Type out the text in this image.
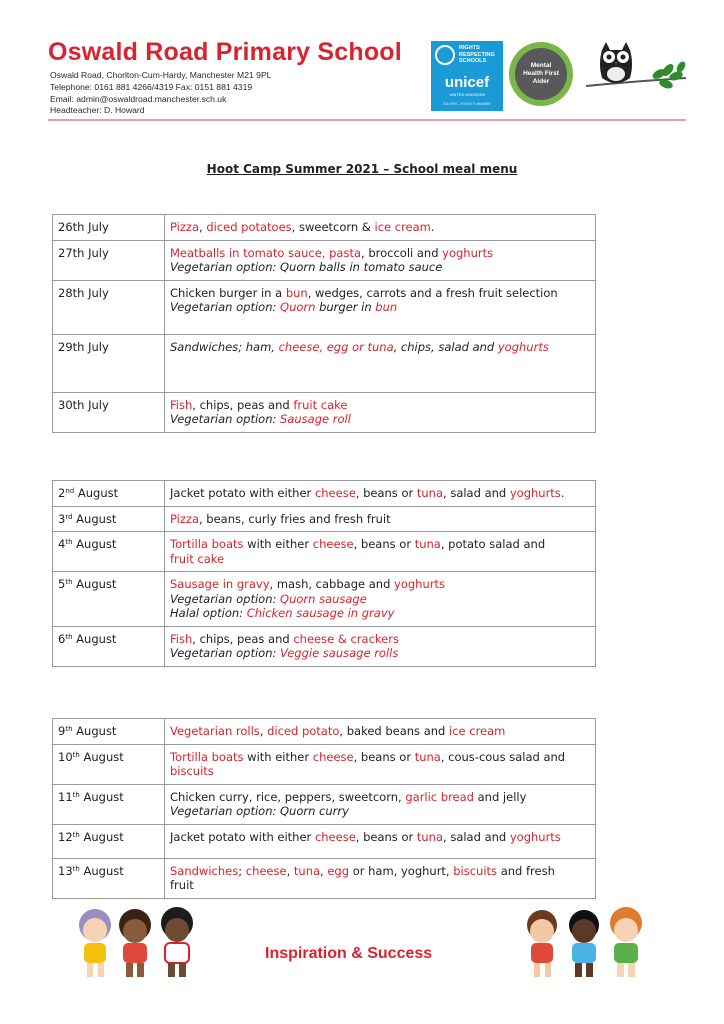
Oswald Road Primary School
Oswald Road, Chorlton-Cum-Hardy, Manchester M21 9PL
Telephone: 0161 881 4266/4319 Fax: 0151 881 4319
Email: admin@oswaldroad.manchester.sch.uk
Headteacher: D. Howard
RIGHTS
RESPECTING
SCHOOLS
unicef
UNITED KINGDOM
SILVER - RIGHTS AWARE
Mental Health First Aider
Hoot Camp Summer 2021 – School meal menu
26th July	Pizza, diced potatoes, sweetcorn & ice cream.

27th July	Meatballs in tomato sauce, pasta, broccoli and yoghurts
Vegetarian option: Quorn balls in tomato sauce

28th July	Chicken burger in a bun, wedges, carrots and a fresh fruit selection
Vegetarian option: Quorn burger in bun

29th July	Sandwiches; ham, cheese, egg or tuna, chips, salad and yoghurts

30th July	Fish, chips, peas and fruit cake
Vegetarian option: Sausage roll
2nd August	Jacket potato with either cheese, beans or tuna, salad and yoghurts.

3rd August	Pizza, beans, curly fries and fresh fruit

4th August	Tortilla boats with either cheese, beans or tuna, potato salad and
fruit cake

5th August	Sausage in gravy, mash, cabbage and yoghurts
Vegetarian option: Quorn sausage
Halal option: Chicken sausage in gravy

6th August	Fish, chips, peas and cheese & crackers
Vegetarian option: Veggie sausage rolls
9th August	Vegetarian rolls, diced potato, baked beans and ice cream

10th August	Tortilla boats with either cheese, beans or tuna, cous-cous salad and
biscuits

11th August	Chicken curry, rice, peppers, sweetcorn, garlic bread and jelly
Vegetarian option: Quorn curry

12th August	Jacket potato with either cheese, beans or tuna, salad and yoghurts

13th August	Sandwiches; cheese, tuna, egg or ham, yoghurt, biscuits and fresh
fruit
Inspiration & Success
